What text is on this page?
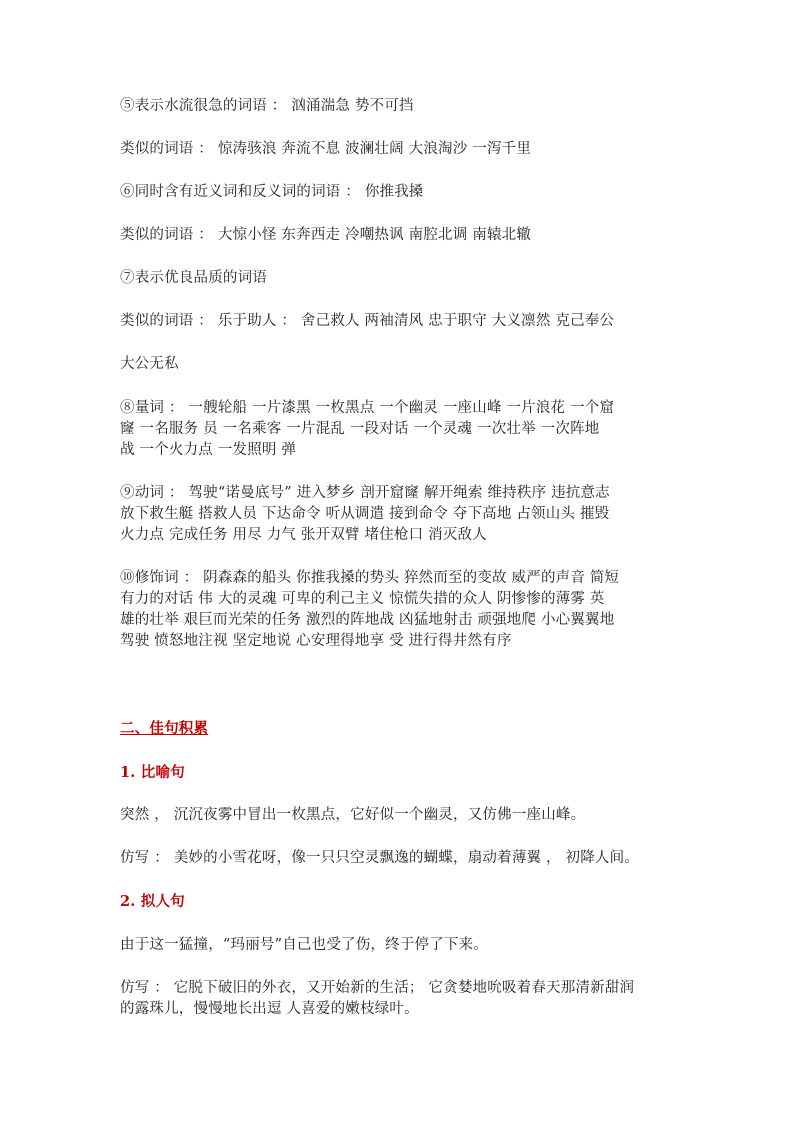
⑤表示水流很急的词语 ： 汹涌湍急 势不可挡
类似的词语 ： 惊涛骇浪 奔流不息 波澜壮阔 大浪淘沙 一泻千里
⑥同时含有近义词和反义词的词语 ： 你推我搡
类似的词语 ： 大惊小怪 东奔西走 冷嘲热讽 南腔北调 南辕北辙
⑦表示优良品质的词语
类似的词语 ： 乐于助人 ： 舍己救人 两袖清风 忠于职守 大义凛然 克己奉公
大公无私
⑧量词 ： 一艘轮船 一片漆黑 一枚黑点 一个幽灵 一座山峰 一片浪花 一个窟
窿 一名服务 员 一名乘客 一片混乱 一段对话 一个灵魂 一次壮举 一次阵地
战 一个火力点 一发照明 弹
⑨动词 ： 驾驶“诺曼底号” 进入梦乡 剖开窟窿 解开绳索 维持秩序 违抗意志
放下救生艇 搭救人员 下达命令 听从调遣 接到命令 夺下高地 占领山头 摧毁
火力点 完成任务 用尽 力气 张开双臂 堵住枪口 消灭敌人
⑩修饰词 ： 阴森森的船头 你推我搡的势头 猝然而至的变故 威严的声音 简短
有力的对话 伟 大的灵魂 可卑的利己主义 惊慌失措的众人 阴惨惨的薄雾 英
雄的壮举 艰巨而光荣的任务 激烈的阵地战 凶猛地射击 顽强地爬 小心翼翼地
驾驶 愤怒地注视 坚定地说 心安理得地享 受 进行得井然有序
二、佳句积累
1. 比喻句
突然 ， 沉沉夜雾中冒出一枚黑点，它好似一个幽灵，又仿佛一座山峰。
仿写 ： 美妙的小雪花呀，像一只只空灵飘逸的蝴蝶，扇动着薄翼 ， 初降人间。
2. 拟人句
由于这一猛撞，“玛丽号”自己也受了伤，终于停了下来。
仿写 ： 它脱下破旧的外衣，又开始新的生活； 它贪婪地吮吸着春天那清新甜润
的露珠儿，慢慢地长出逗 人喜爱的嫩枝绿叶。
